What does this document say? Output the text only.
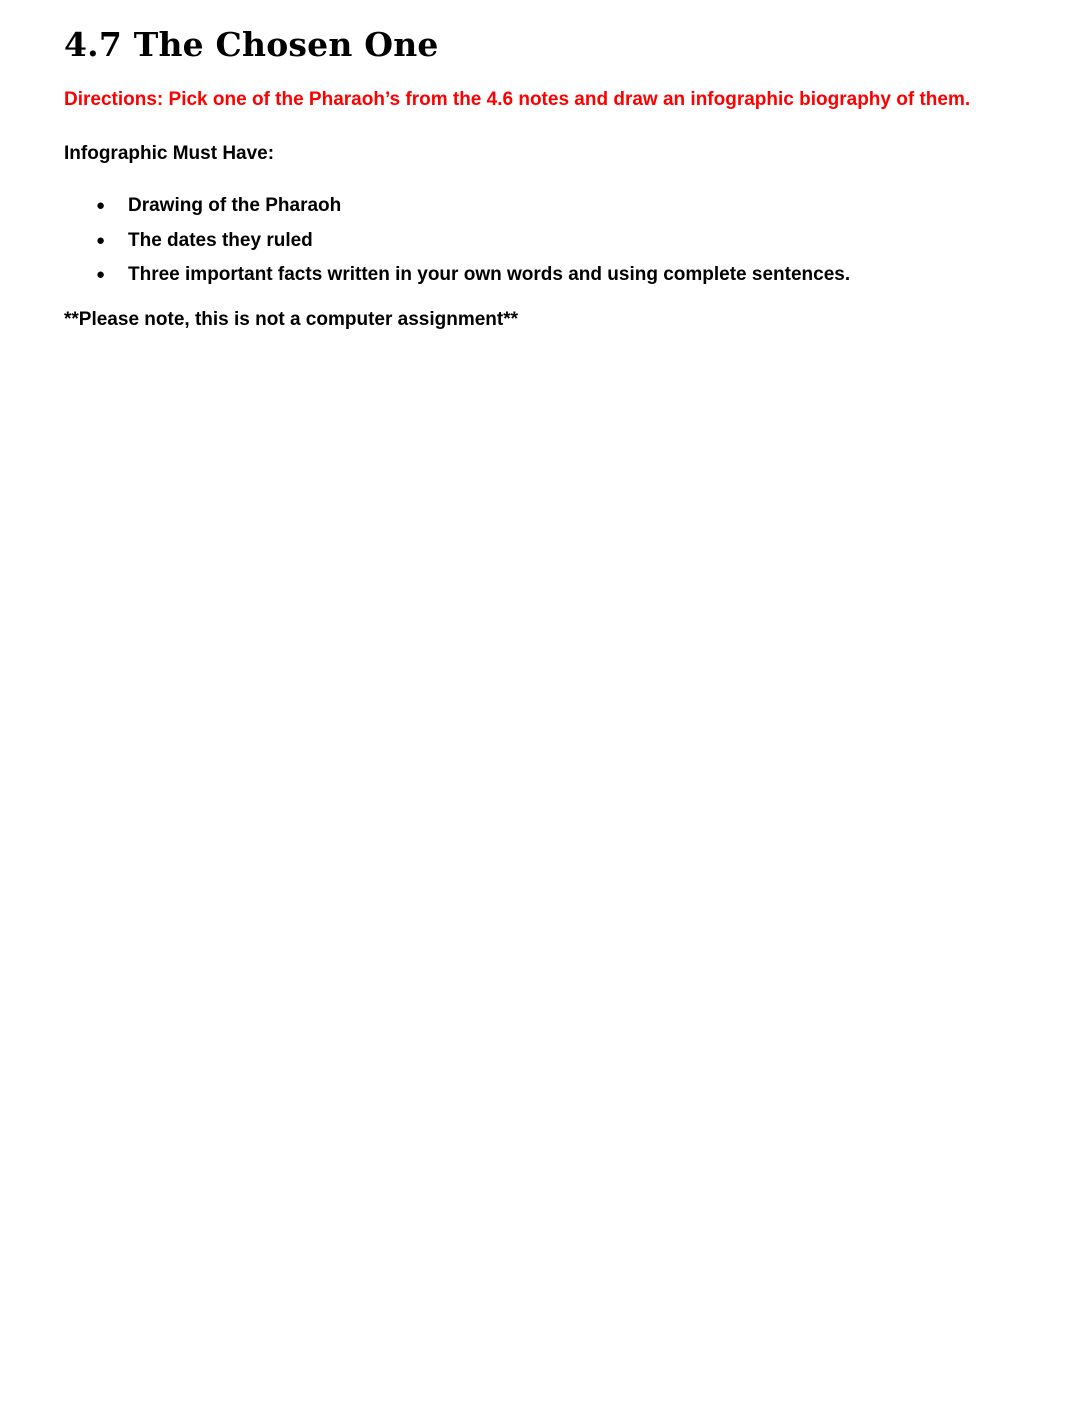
4.7 The Chosen One

Directions: Pick one of the Pharaoh’s from the 4.6 notes and draw an infographic biography of them.

Infographic Must Have:

● Drawing of the Pharaoh
● The dates they ruled
● Three important facts written in your own words and using complete sentences.

**Please note, this is not a computer assignment**
